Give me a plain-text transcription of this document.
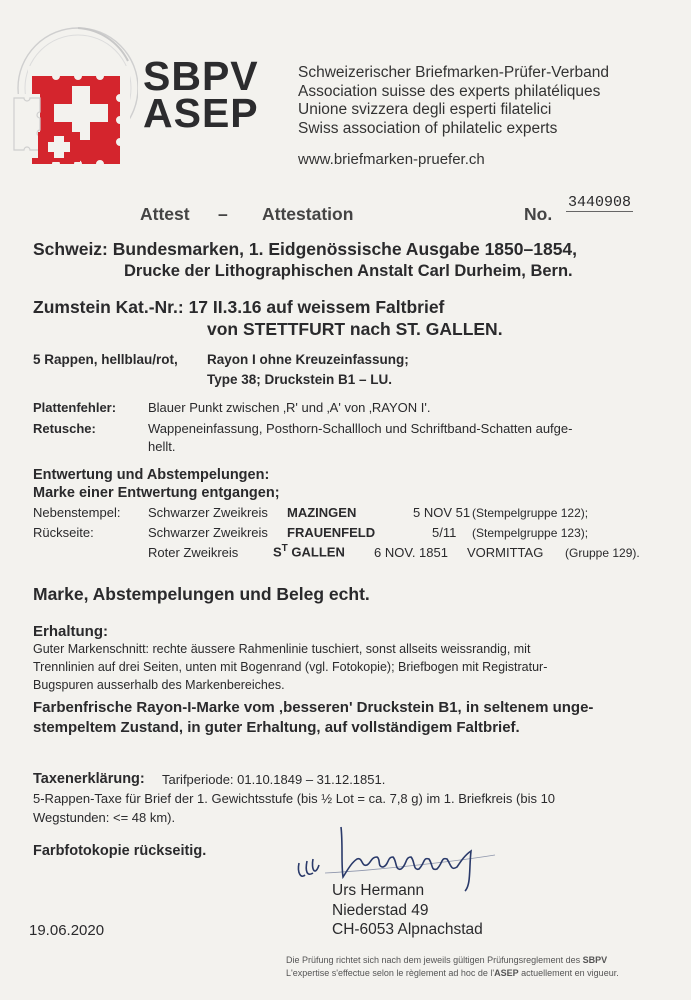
SBPV
ASEP
Schweizerischer Briefmarken-Prüfer-Verband
Association suisse des experts philatéliques
Unione svizzera degli esperti filatelici
Swiss association of philatelic experts
www.briefmarken-pruefer.ch
Attest – Attestation	No.
3440908
Schweiz: Bundesmarken, 1. Eidgenössische Ausgabe 1850–1854,
Drucke der Lithographischen Anstalt Carl Durheim, Bern.
Zumstein Kat.-Nr.: 17 II.3.16 auf weissem Faltbrief
von STETTFURT nach ST. GALLEN.
5 Rappen, hellblau/rot, Rayon I ohne Kreuzeinfassung;
Type 38; Druckstein B1 – LU.
Plattenfehler: Blauer Punkt zwischen ‚R' und ‚A' von ‚RAYON I'.
Retusche:	Wappeneinfassung, Posthorn-Schallloch und Schriftband-Schatten aufge-
hellt.
Entwertung und Abstempelungen:
Marke einer Entwertung entgangen;
Nebenstempel: Schwarzer Zweikreis MAZINGEN	5 NOV 51 (Stempelgruppe 122);
Rückseite:	Schwarzer Zweikreis FRAUENFELD	5/11 (Stempelgruppe 123);
Roter Zweikreis	$S^T$ GALLEN 6 NOV. 1851 VORMITTAG (Gruppe 129).
Marke, Abstempelungen und Beleg echt.
Erhaltung:
Guter Markenschnitt: rechte äussere Rahmenlinie tuschiert, sonst allseits weissrandig, mit
Trennlinien auf drei Seiten, unten mit Bogenrand (vgl. Fotokopie); Briefbogen mit Registratur-
Bugspuren ausserhalb des Markenbereiches.
Farbenfrische Rayon-I-Marke vom ‚besseren' Druckstein B1, in seltenem unge-
stempeltem Zustand, in guter Erhaltung, auf vollständigem Faltbrief.
Taxenerklärung: Tarifperiode: 01.10.1849 – 31.12.1851.
5-Rappen-Taxe für Brief der 1. Gewichtsstufe (bis ½ Lot = ca. 7,8 g) im 1. Briefkreis (bis 10
Wegstunden: <= 48 km).
Farbfotokopie rückseitig.
Urs Hermann
Niederstad 49
CH-6053 Alpnachstad
19.06.2020
Die Prüfung richtet sich nach dem jeweils gültigen Prüfungsreglement des SBPV
L'expertise s'effectue selon le règlement ad hoc de l'ASEP actuellement en vigueur.
